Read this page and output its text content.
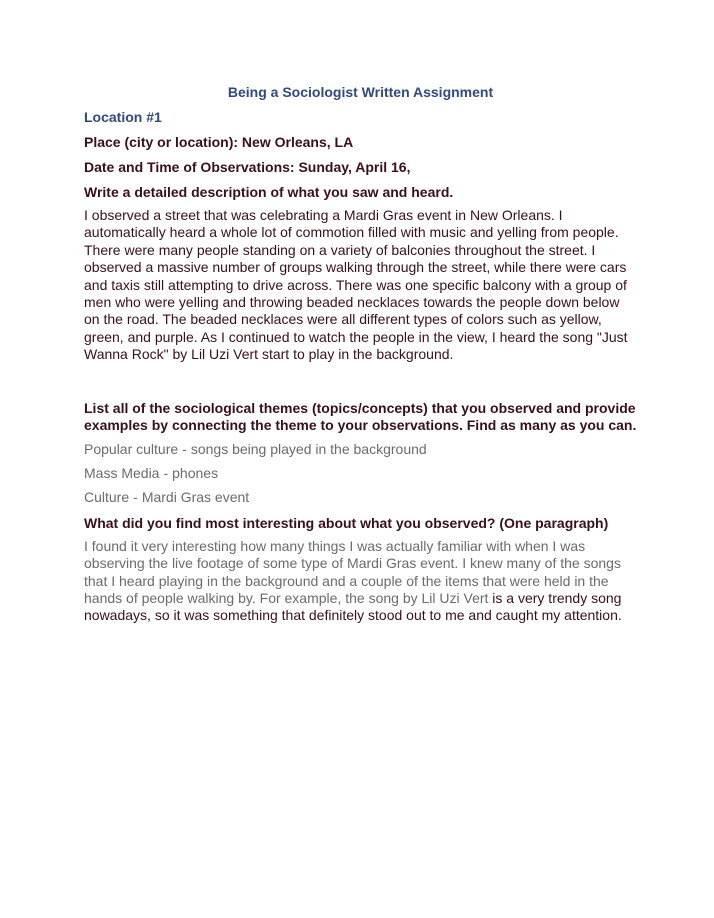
Being a Sociologist Written Assignment

Location #1

Place (city or location): New Orleans, LA

Date and Time of Observations: Sunday, April 16,

Write a detailed description of what you saw and heard.

I observed a street that was celebrating a Mardi Gras event in New Orleans. I automatically heard a whole lot of commotion filled with music and yelling from people. There were many people standing on a variety of balconies throughout the street. I observed a massive number of groups walking through the street, while there were cars and taxis still attempting to drive across. There was one specific balcony with a group of men who were yelling and throwing beaded necklaces towards the people down below on the road. The beaded necklaces were all different types of colors such as yellow, green, and purple. As I continued to watch the people in the view, I heard the song "Just Wanna Rock" by Lil Uzi Vert start to play in the background.

List all of the sociological themes (topics/concepts) that you observed and provide examples by connecting the theme to your observations. Find as many as you can.

Popular culture - songs being played in the background
Mass Media - phones
Culture - Mardi Gras event

What did you find most interesting about what you observed? (One paragraph)

I found it very interesting how many things I was actually familiar with when I was observing the live footage of some type of Mardi Gras event. I knew many of the songs that I heard playing in the background and a couple of the items that were held in the hands of people walking by. For example, the song by Lil Uzi Vert is a very trendy song nowadays, so it was something that definitely stood out to me and caught my attention.
